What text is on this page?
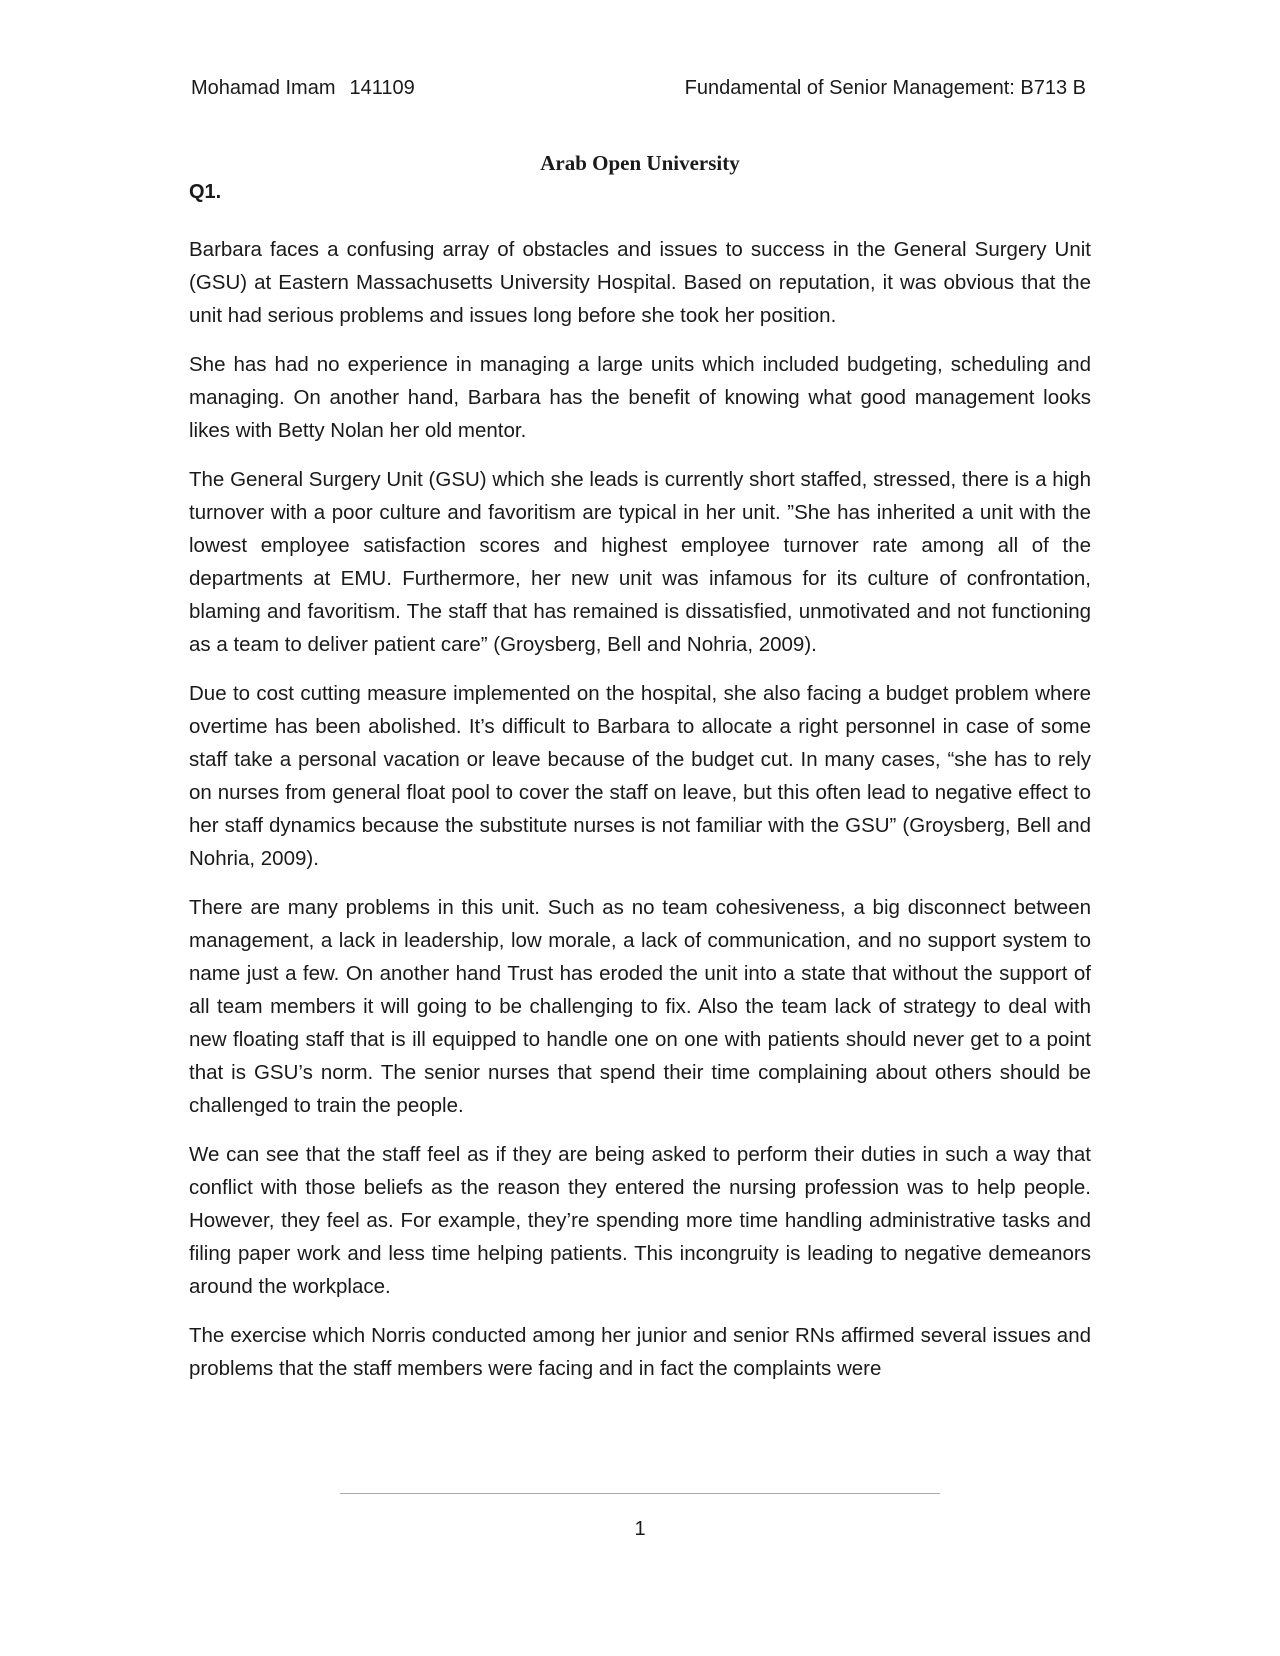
Mohamad Imam 141109	Fundamental of Senior Management: B713 B
Arab Open University
Q1.

Barbara faces a confusing array of obstacles and issues to success in the General Surgery Unit (GSU) at Eastern Massachusetts University Hospital. Based on reputation, it was obvious that the unit had serious problems and issues long before she took her position.

She has had no experience in managing a large units which included budgeting, scheduling and managing. On another hand, Barbara has the benefit of knowing what good management looks likes with Betty Nolan her old mentor.

The General Surgery Unit (GSU) which she leads is currently short staffed, stressed, there is a high turnover with a poor culture and favoritism are typical in her unit. ”She has inherited a unit with the lowest employee satisfaction scores and highest employee turnover rate among all of the departments at EMU. Furthermore, her new unit was infamous for its culture of confrontation, blaming and favoritism. The staff that has remained is dissatisfied, unmotivated and not functioning as a team to deliver patient care” (Groysberg, Bell and Nohria, 2009).

Due to cost cutting measure implemented on the hospital, she also facing a budget problem where overtime has been abolished. It’s difficult to Barbara to allocate a right personnel in case of some staff take a personal vacation or leave because of the budget cut. In many cases, “she has to rely on nurses from general float pool to cover the staff on leave, but this often lead to negative effect to her staff dynamics because the substitute nurses is not familiar with the GSU” (Groysberg, Bell and Nohria, 2009).

There are many problems in this unit. Such as no team cohesiveness, a big disconnect between management, a lack in leadership, low morale, a lack of communication, and no support system to name just a few. On another hand Trust has eroded the unit into a state that without the support of all team members it will going to be challenging to fix. Also the team lack of strategy to deal with new floating staff that is ill equipped to handle one on one with patients should never get to a point that is GSU’s norm. The senior nurses that spend their time complaining about others should be challenged to train the people.

We can see that the staff feel as if they are being asked to perform their duties in such a way that conflict with those beliefs as the reason they entered the nursing profession was to help people. However, they feel as. For example, they’re spending more time handling administrative tasks and filing paper work and less time helping patients. This incongruity is leading to negative demeanors around the workplace.

The exercise which Norris conducted among her junior and senior RNs affirmed several issues and problems that the staff members were facing and in fact the complaints were

1
